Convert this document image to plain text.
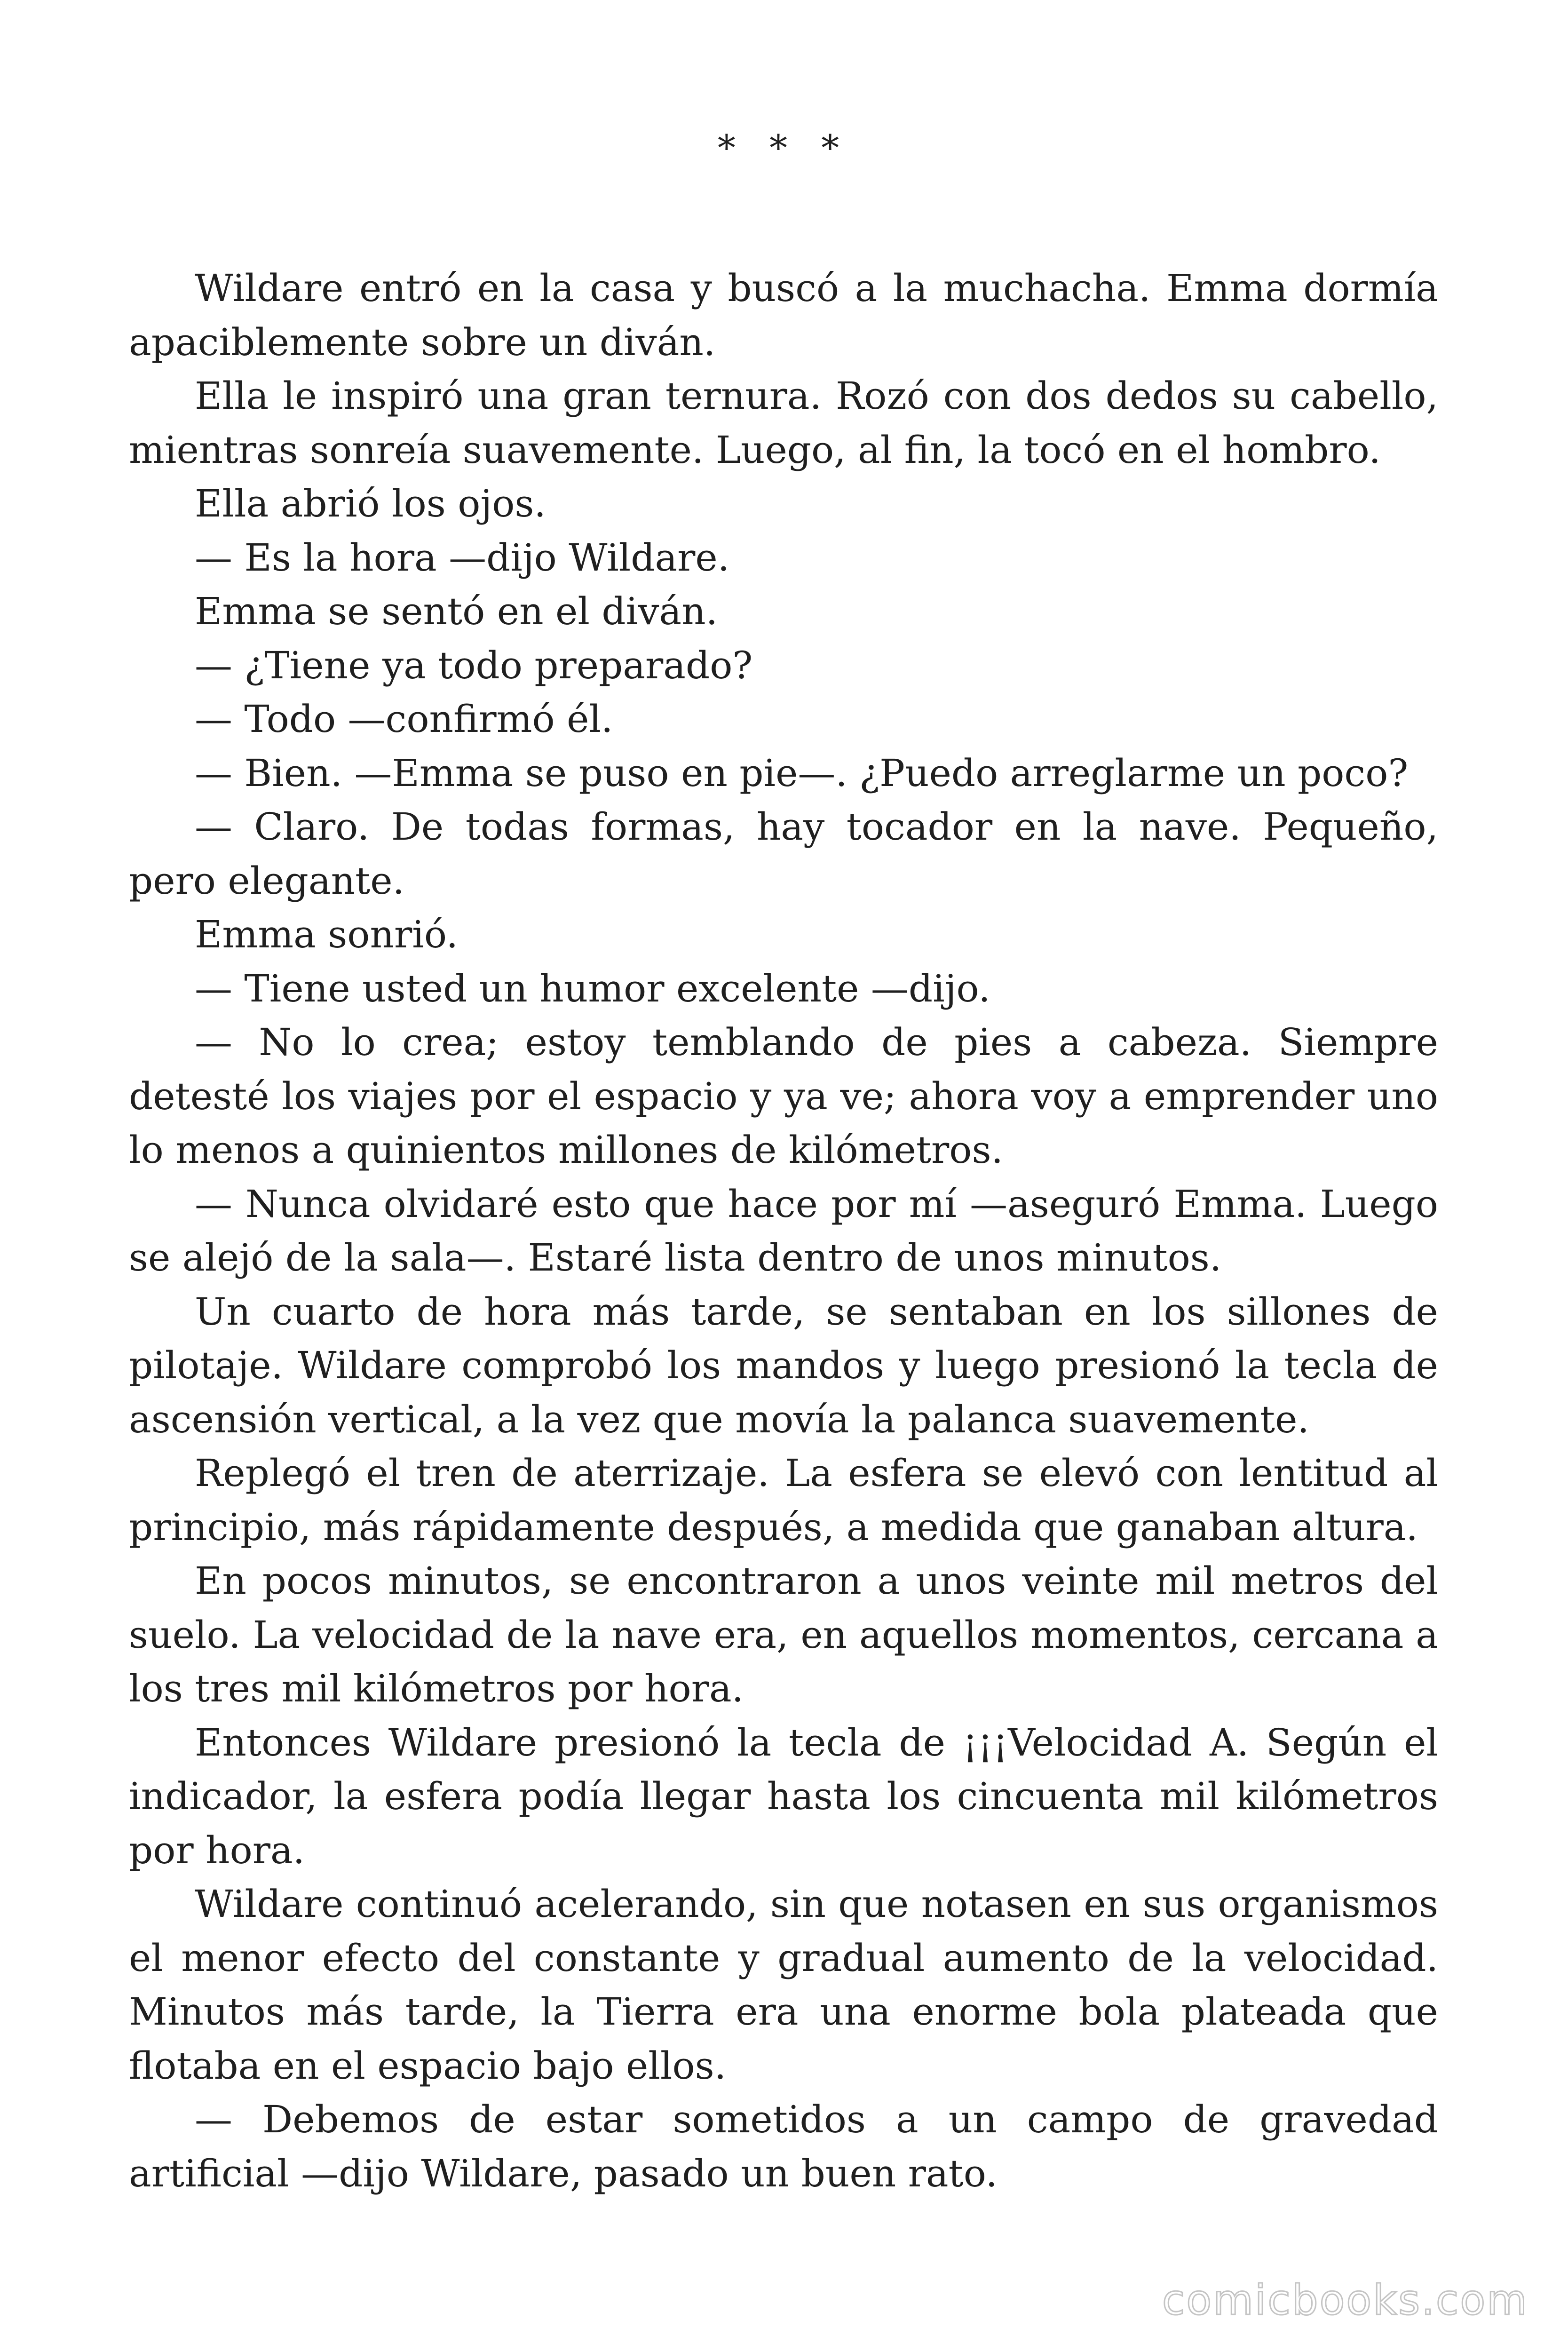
* * *

Wildare entró en la casa y buscó a la muchacha. Emma dormía apaciblemente sobre un diván.

Ella le inspiró una gran ternura. Rozó con dos dedos su cabello, mientras sonreía suavemente. Luego, al fin, la tocó en el hombro.

Ella abrió los ojos.

— Es la hora —dijo Wildare.

Emma se sentó en el diván.

— ¿Tiene ya todo preparado?

— Todo —confirmó él.

— Bien. —Emma se puso en pie—. ¿Puedo arreglarme un poco?

— Claro. De todas formas, hay tocador en la nave. Pequeño, pero elegante.

Emma sonrió.

— Tiene usted un humor excelente —dijo.

— No lo crea; estoy temblando de pies a cabeza. Siempre detesté los viajes por el espacio y ya ve; ahora voy a emprender uno lo menos a quinientos millones de kilómetros.

— Nunca olvidaré esto que hace por mí —aseguró Emma. Luego se alejó de la sala—. Estaré lista dentro de unos minutos.

Un cuarto de hora más tarde, se sentaban en los sillones de pilotaje. Wildare comprobó los mandos y luego presionó la tecla de ascensión vertical, a la vez que movía la palanca suavemente.

Replegó el tren de aterrizaje. La esfera se elevó con lentitud al principio, más rápidamente después, a medida que ganaban altura.

En pocos minutos, se encontraron a unos veinte mil metros del suelo. La velocidad de la nave era, en aquellos momentos, cercana a los tres mil kilómetros por hora.

Entonces Wildare presionó la tecla de ¡¡¡Velocidad A. Según el indicador, la esfera podía llegar hasta los cincuenta mil kilómetros por hora.

Wildare continuó acelerando, sin que notasen en sus organismos el menor efecto del constante y gradual aumento de la velocidad. Minutos más tarde, la Tierra era una enorme bola plateada que flotaba en el espacio bajo ellos.

— Debemos de estar sometidos a un campo de gravedad artificial —dijo Wildare, pasado un buen rato.

comicbooks.com
